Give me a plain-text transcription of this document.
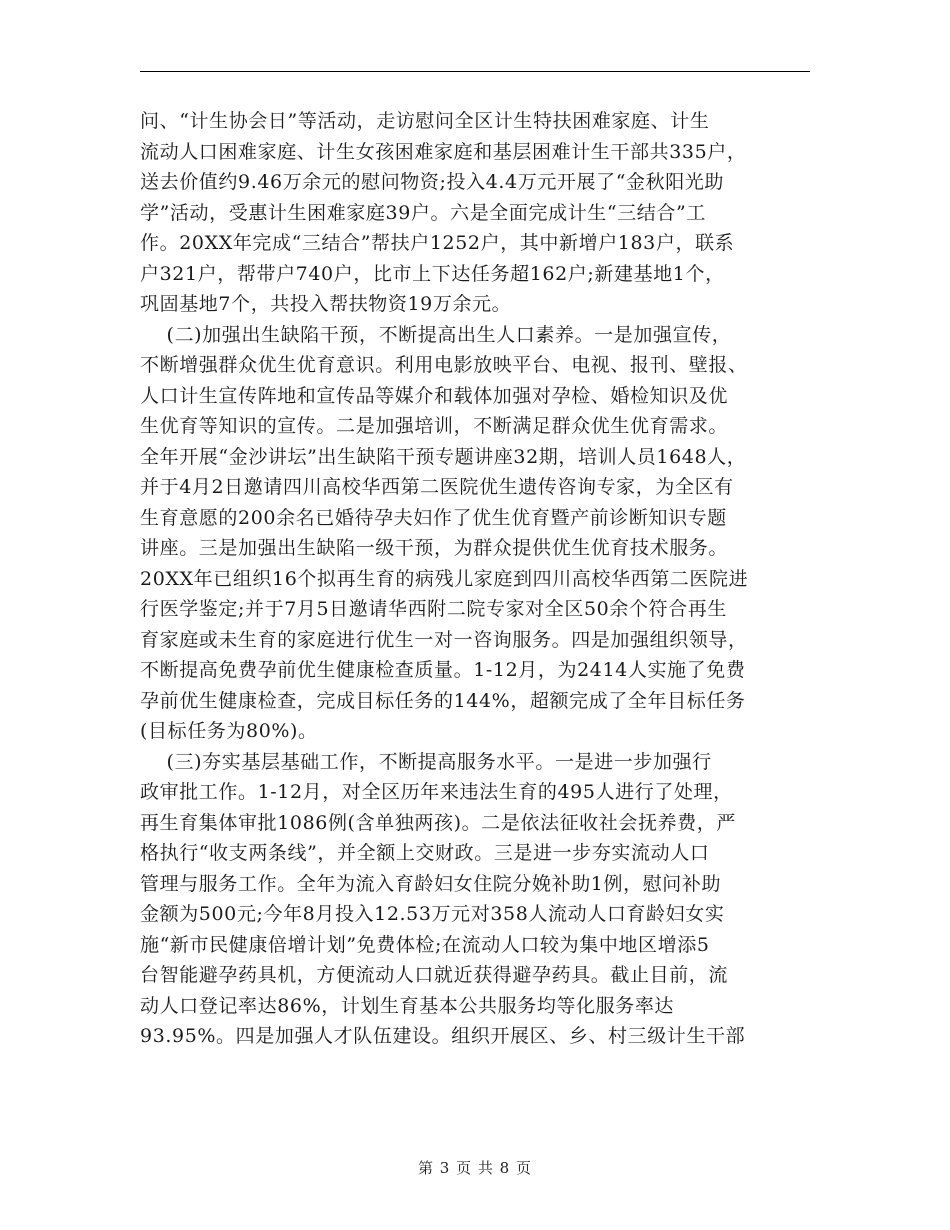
问、“计生协会日”等活动，走访慰问全区计生特扶困难家庭、计生
流动人口困难家庭、计生女孩困难家庭和基层困难计生干部共335户，
送去价值约9.46万余元的慰问物资;投入4.4万元开展了“金秋阳光助
学”活动，受惠计生困难家庭39户。六是全面完成计生“三结合”工
作。20XX年完成“三结合”帮扶户1252户，其中新增户183户，联系
户321户，帮带户740户，比市上下达任务超162户;新建基地1个，
巩固基地7个，共投入帮扶物资19万余元。
(二)加强出生缺陷干预，不断提高出生人口素养。一是加强宣传，
不断增强群众优生优育意识。利用电影放映平台、电视、报刊、壁报、
人口计生宣传阵地和宣传品等媒介和载体加强对孕检、婚检知识及优
生优育等知识的宣传。二是加强培训，不断满足群众优生优育需求。
全年开展“金沙讲坛”出生缺陷干预专题讲座32期，培训人员1648人，
并于4月2日邀请四川高校华西第二医院优生遗传咨询专家，为全区有
生育意愿的200余名已婚待孕夫妇作了优生优育暨产前诊断知识专题
讲座。三是加强出生缺陷一级干预，为群众提供优生优育技术服务。
20XX年已组织16个拟再生育的病残儿家庭到四川高校华西第二医院进
行医学鉴定;并于7月5日邀请华西附二院专家对全区50余个符合再生
育家庭或未生育的家庭进行优生一对一咨询服务。四是加强组织领导，
不断提高免费孕前优生健康检查质量。1-12月，为2414人实施了免费
孕前优生健康检查，完成目标任务的144%，超额完成了全年目标任务
(目标任务为80%)。
(三)夯实基层基础工作，不断提高服务水平。一是进一步加强行
政审批工作。1-12月，对全区历年来违法生育的495人进行了处理，
再生育集体审批1086例(含单独两孩)。二是依法征收社会抚养费，严
格执行“收支两条线”，并全额上交财政。三是进一步夯实流动人口
管理与服务工作。全年为流入育龄妇女住院分娩补助1例，慰问补助
金额为500元;今年8月投入12.53万元对358人流动人口育龄妇女实
施“新市民健康倍增计划”免费体检;在流动人口较为集中地区增添5
台智能避孕药具机，方便流动人口就近获得避孕药具。截止目前，流
动人口登记率达86%，计划生育基本公共服务均等化服务率达
93.95%。四是加强人才队伍建设。组织开展区、乡、村三级计生干部
第 3 页 共 8 页
